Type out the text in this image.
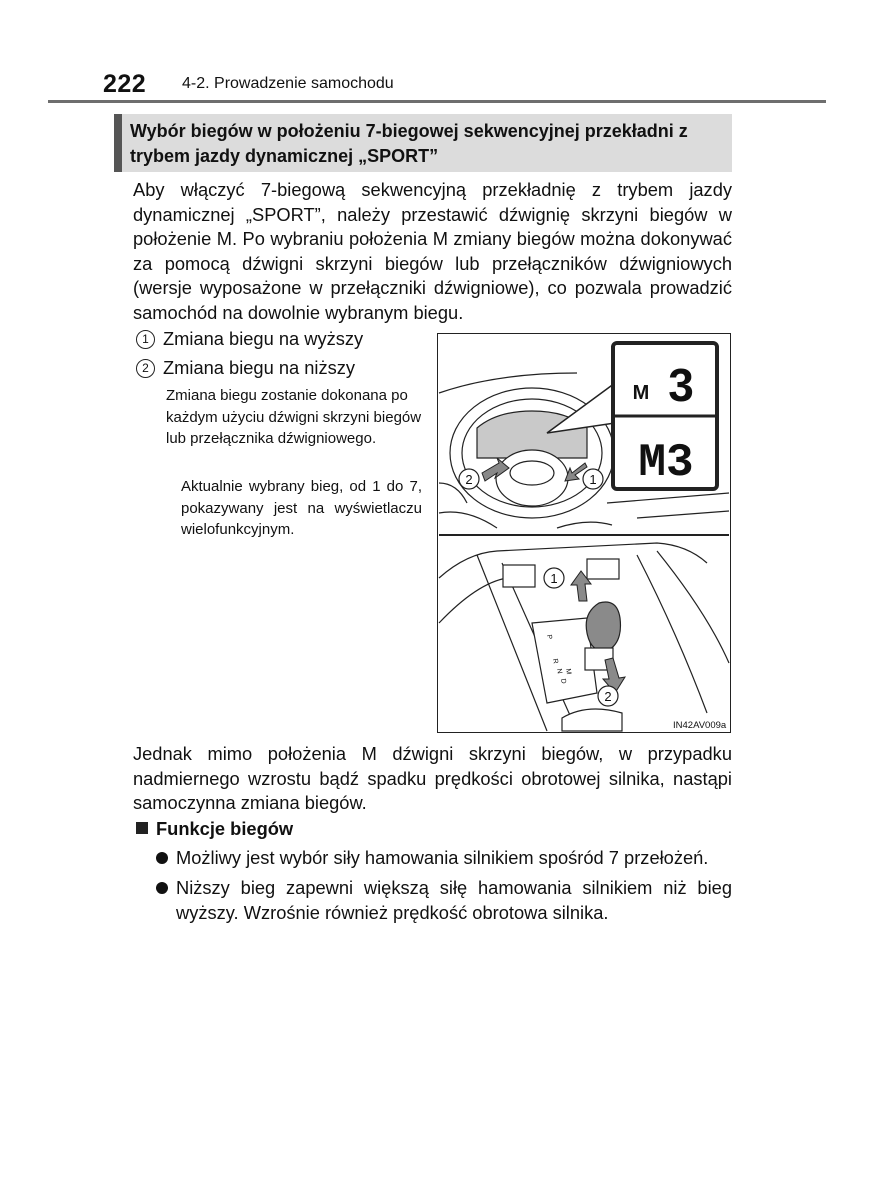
222 4-2. Prowadzenie samochodu
Wybór biegów w położeniu 7-biegowej sekwencyjnej przekładni z trybem jazdy dynamicznej „SPORT”
Aby włączyć 7-biegową sekwencyjną przekładnię z trybem jazdy dynamicznej „SPORT”, należy przestawić dźwignię skrzyni biegów w położenie M. Po wybraniu położenia M zmiany biegów można dokonywać za pomocą dźwigni skrzyni biegów lub przełączników dźwigniowych (wersje wyposażone w przełączniki dźwigniowe), co pozwala prowadzić samochód na dowolnie wybranym biegu.
1 Zmiana biegu na wyższy
2 Zmiana biegu na niższy
Zmiana biegu zostanie dokonana po każdym użyciu dźwigni skrzyni biegów lub przełącznika dźwigniowego.
Aktualnie wybrany bieg, od 1 do 7, pokazywany jest na wyświetlaczu wielofunkcyjnym.
2	1
M 3
M3
P
R
N
D
M
1
2
IN42AV009a
Jednak mimo położenia M dźwigni skrzyni biegów, w przypadku nadmiernego wzrostu bądź spadku prędkości obrotowej silnika, nastąpi samoczynna zmiana biegów.
Funkcje biegów
Możliwy jest wybór siły hamowania silnikiem spośród 7 przełożeń.
Niższy bieg zapewni większą siłę hamowania silnikiem niż bieg wyższy. Wzrośnie również prędkość obrotowa silnika.
